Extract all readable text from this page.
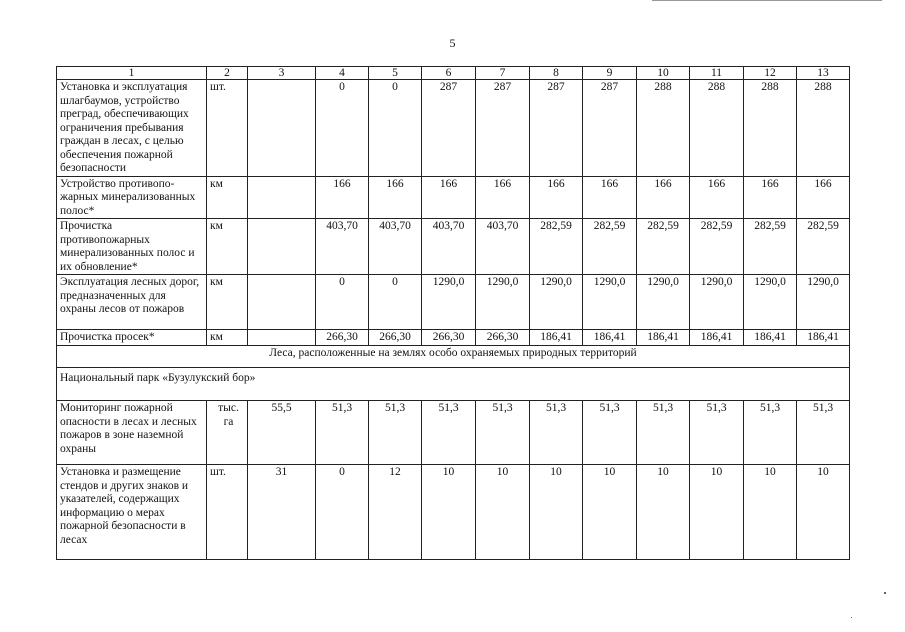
5
1	2	3	4	5	6	7	8	9	10	11	12	13
Установка и эксплуатация шлагбаумов, устройство преград, обеспечивающих ограничения пребывания граждан в лесах, с целью обеспечения пожарной безопасности	шт.		0	0	287	287	287	287	288	288	288	288
Устройство противопо-жарных минерализованных полос*	км		166	166	166	166	166	166	166	166	166	166
Прочистка противопожарных минерализованных полос и их обновление*	км		403,70	403,70	403,70	403,70	282,59	282,59	282,59	282,59	282,59	282,59
Эксплуатация лесных дорог, предназначенных для охраны лесов от пожаров	км		0	0	1290,0	1290,0	1290,0	1290,0	1290,0	1290,0	1290,0	1290,0
Прочистка просек*	км		266,30	266,30	266,30	266,30	186,41	186,41	186,41	186,41	186,41	186,41
Леса, расположенные на землях особо охраняемых природных территорий												
Национальный парк «Бузулукский бор»												
Мониторинг пожарной опасности в лесах и лесных пожаров в зоне наземной охраны	тыс. га	55,5	51,3	51,3	51,3	51,3	51,3	51,3	51,3	51,3	51,3	51,3
Установка и размещение стендов и других знаков и указателей, содержащих информацию о мерах пожарной безопасности в лесах	шт.	31	0	12	10	10	10	10	10	10	10	10
